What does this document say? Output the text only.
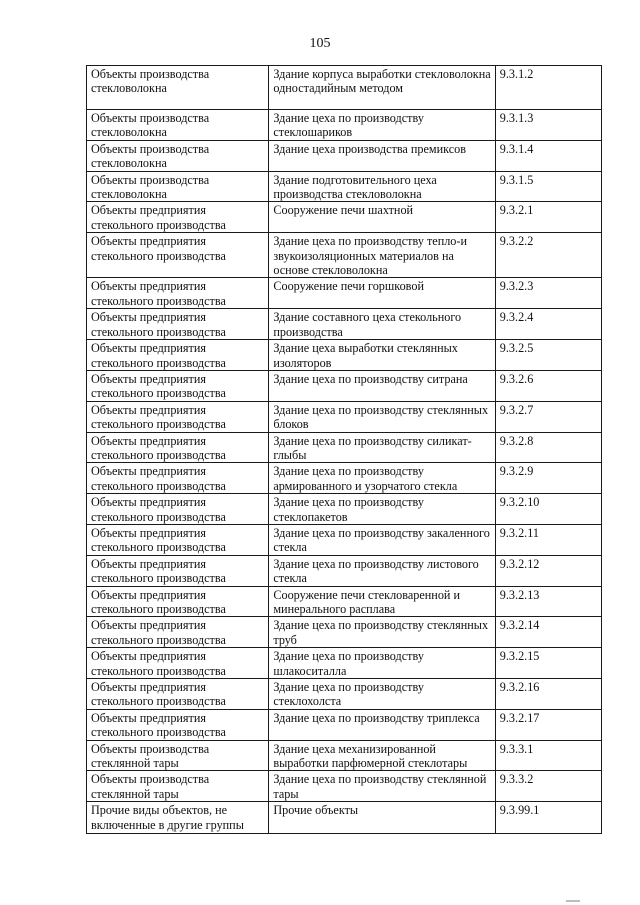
105
Объекты производства стекловолокна	Здание корпуса выработки стекловолокна одностадийным методом	9.3.1.2
Объекты производства стекловолокна	Здание цеха по производству стеклошариков	9.3.1.3
Объекты производства стекловолокна	Здание цеха производства премиксов	9.3.1.4
Объекты производства стекловолокна	Здание подготовительного цеха производства стекловолокна	9.3.1.5
Объекты предприятия стекольного производства	Сооружение печи шахтной	9.3.2.1
Объекты предприятия стекольного производства	Здание цеха по производству тепло-и звукоизоляционных материалов на основе стекловолокна	9.3.2.2
Объекты предприятия стекольного производства	Сооружение печи горшковой	9.3.2.3
Объекты предприятия стекольного производства	Здание составного цеха стекольного производства	9.3.2.4
Объекты предприятия стекольного производства	Здание цеха выработки стеклянных изоляторов	9.3.2.5
Объекты предприятия стекольного производства	Здание цеха по производству ситрана	9.3.2.6
Объекты предприятия стекольного производства	Здание цеха по производству стеклянных блоков	9.3.2.7
Объекты предприятия стекольного производства	Здание цеха по производству силикат-глыбы	9.3.2.8
Объекты предприятия стекольного производства	Здание цеха по производству армированного и узорчатого стекла	9.3.2.9
Объекты предприятия стекольного производства	Здание цеха по производству стеклопакетов	9.3.2.10
Объекты предприятия стекольного производства	Здание цеха по производству закаленного стекла	9.3.2.11
Объекты предприятия стекольного производства	Здание цеха по производству листового стекла	9.3.2.12
Объекты предприятия стекольного производства	Сооружение печи стекловаренной и минерального расплава	9.3.2.13
Объекты предприятия стекольного производства	Здание цеха по производству стеклянных труб	9.3.2.14
Объекты предприятия стекольного производства	Здание цеха по производству шлакоситалла	9.3.2.15
Объекты предприятия стекольного производства	Здание цеха по производству стеклохолста	9.3.2.16
Объекты предприятия стекольного производства	Здание цеха по производству триплекса	9.3.2.17
Объекты производства стеклянной тары	Здание цеха механизированной выработки парфюмерной стеклотары	9.3.3.1
Объекты производства стеклянной тары	Здание цеха по производству стеклянной тары	9.3.3.2
Прочие виды объектов, не включенные в другие группы	Прочие объекты	9.3.99.1
